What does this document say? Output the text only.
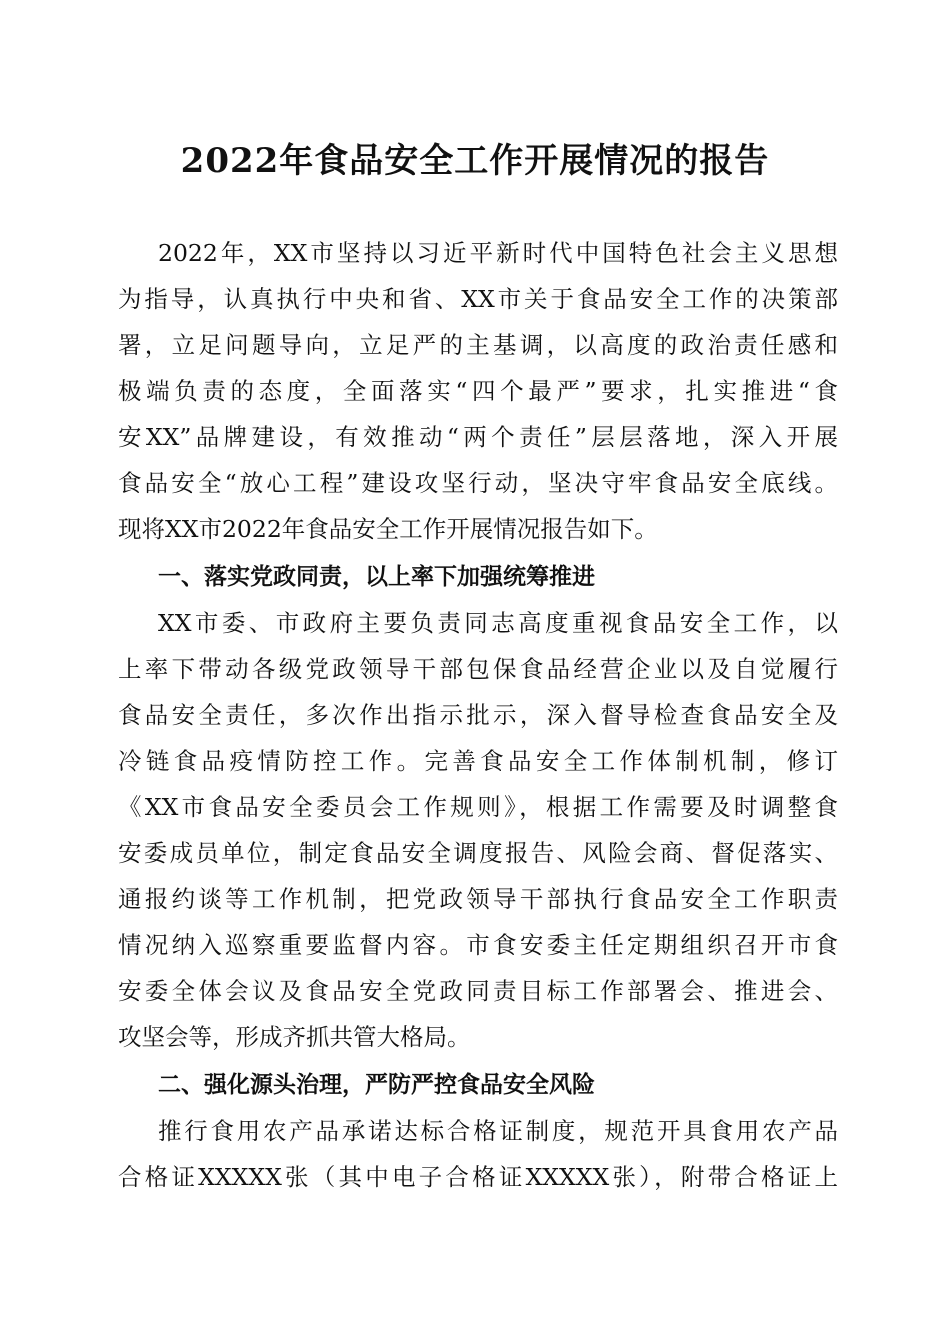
2022年食品安全工作开展情况的报告
2022年，XX市坚持以习近平新时代中国特色社会主义思想
为指导，认真执行中央和省、XX市关于食品安全工作的决策部
署，立足问题导向，立足严的主基调，以高度的政治责任感和
极端负责的态度，全面落实“四个最严”要求，扎实推进“食
安XX”品牌建设，有效推动“两个责任”层层落地，深入开展
食品安全“放心工程”建设攻坚行动，坚决守牢食品安全底线。
现将XX市2022年食品安全工作开展情况报告如下。
一、落实党政同责，以上率下加强统筹推进
XX市委、市政府主要负责同志高度重视食品安全工作，以
上率下带动各级党政领导干部包保食品经营企业以及自觉履行
食品安全责任，多次作出指示批示，深入督导检查食品安全及
冷链食品疫情防控工作。完善食品安全工作体制机制，修订
《XX市食品安全委员会工作规则》，根据工作需要及时调整食
安委成员单位，制定食品安全调度报告、风险会商、督促落实、
通报约谈等工作机制，把党政领导干部执行食品安全工作职责
情况纳入巡察重要监督内容。市食安委主任定期组织召开市食
安委全体会议及食品安全党政同责目标工作部署会、推进会、
攻坚会等，形成齐抓共管大格局。
二、强化源头治理，严防严控食品安全风险
推行食用农产品承诺达标合格证制度，规范开具食用农产品
合格证XXXXX张（其中电子合格证XXXXX张），附带合格证上
